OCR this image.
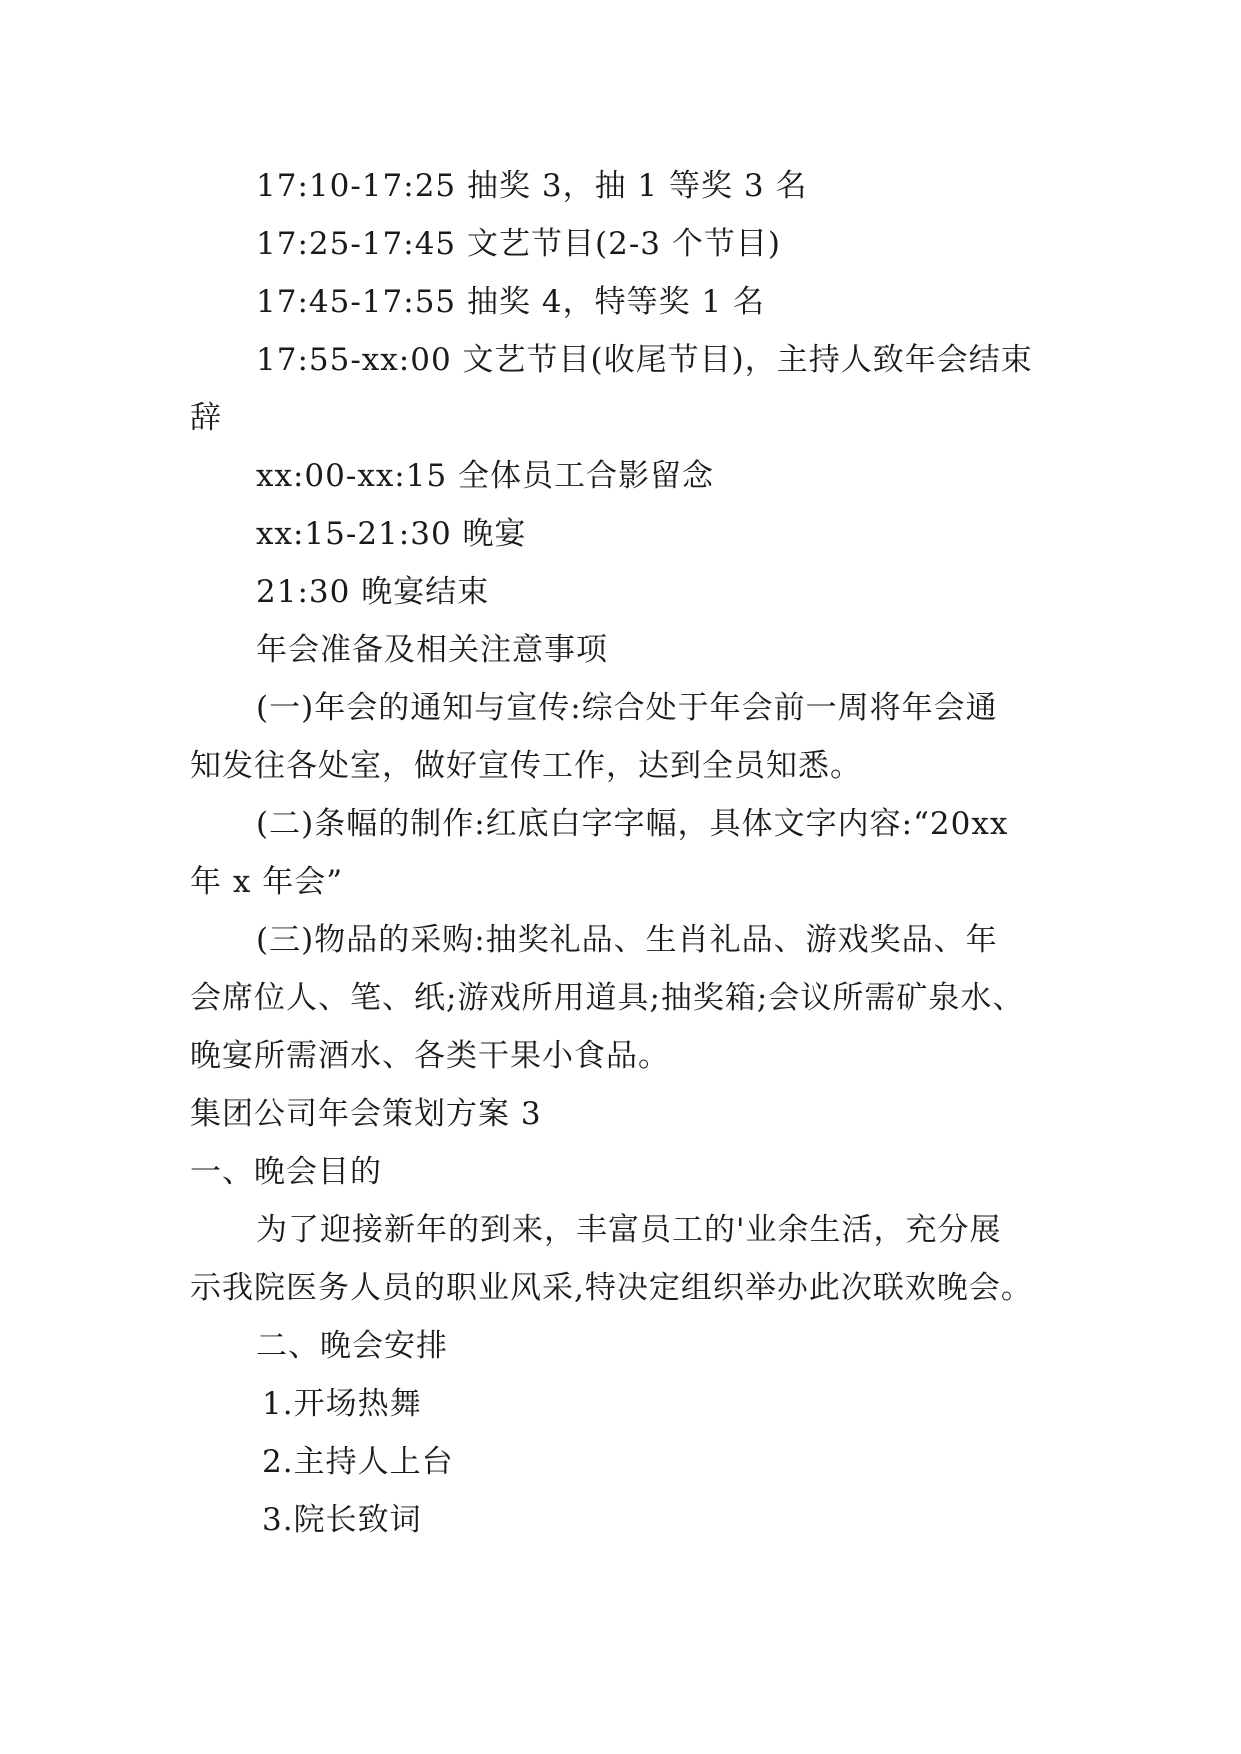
17:10-17:25 抽奖 3，抽 1 等奖 3 名
17:25-17:45 文艺节目(2-3 个节目)
17:45-17:55 抽奖 4，特等奖 1 名
17:55-xx:00 文艺节目(收尾节目)，主持人致年会结束
辞
xx:00-xx:15 全体员工合影留念
xx:15-21:30 晚宴
21:30 晚宴结束
年会准备及相关注意事项
(一)年会的通知与宣传:综合处于年会前一周将年会通
知发往各处室，做好宣传工作，达到全员知悉。
(二)条幅的制作:红底白字字幅，具体文字内容:“20xx
年 x 年会”
(三)物品的采购:抽奖礼品、生肖礼品、游戏奖品、年
会席位人、笔、纸;游戏所用道具;抽奖箱;会议所需矿泉水、
晚宴所需酒水、各类干果小食品。
集团公司年会策划方案 3
一、晚会目的
为了迎接新年的到来，丰富员工的'业余生活，充分展
示我院医务人员的职业风采,特决定组织举办此次联欢晚会。
二、晚会安排
1.开场热舞
2.主持人上台
3.院长致词
